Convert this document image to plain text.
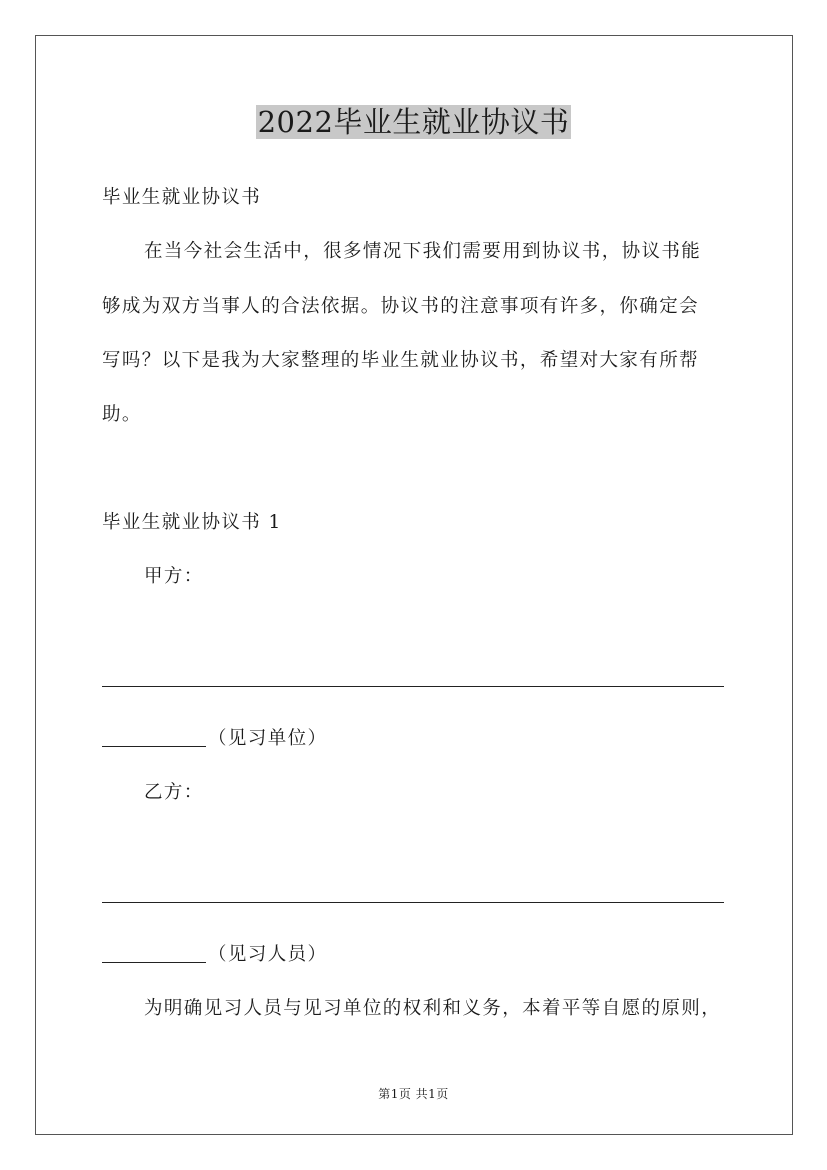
2022毕业生就业协议书
毕业生就业协议书
在当今社会生活中，很多情况下我们需要用到协议书，协议书能
够成为双方当事人的合法依据。协议书的注意事项有许多，你确定会
写吗？以下是我为大家整理的毕业生就业协议书，希望对大家有所帮
助。
毕业生就业协议书 1
甲方：
（见习单位）
乙方：
（见习人员）
为明确见习人员与见习单位的权利和义务，本着平等自愿的原则，
第1页 共1页
